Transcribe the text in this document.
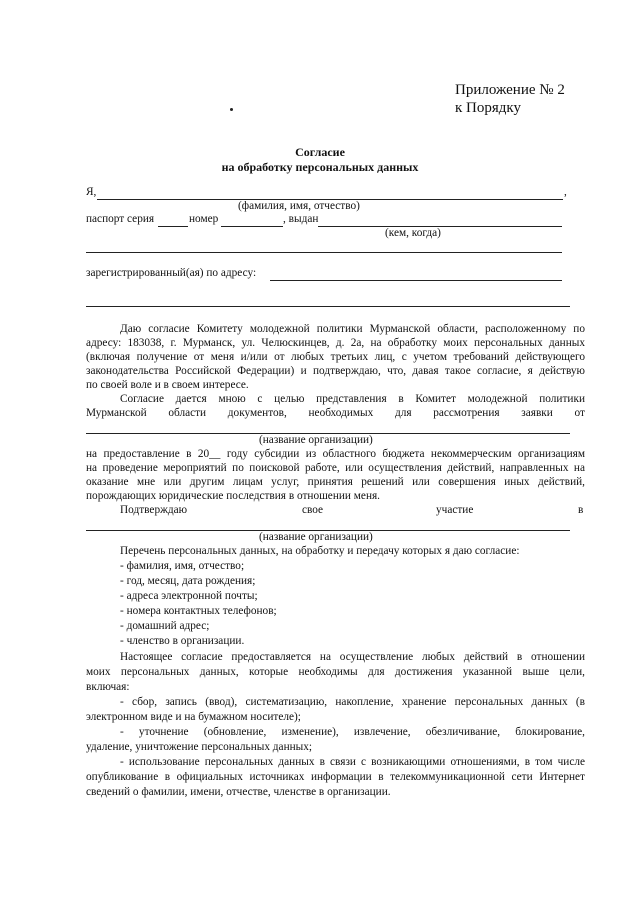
Приложение № 2
к Порядку
Согласие
на обработку персональных данных
Я,	,
(фамилия, имя, отчество)
паспорт серия	номер	, выдан
(кем, когда)
зарегистрированный(ая) по адресу:
Даю согласие Комитету молодежной политики Мурманской области, расположенному по
адресу: 183038, г. Мурманск, ул. Челюскинцев, д. 2а, на обработку моих персональных данных
(включая получение от меня и/или от любых третьих лиц, с учетом требований действующего
законодательства Российской Федерации) и подтверждаю, что, давая такое согласие, я действую
по своей воле и в своем интересе.
Согласие дается мною с целью представления в Комитет молодежной политики
Мурманской области документов, необходимых для рассмотрения заявки от
(название организации)
на предоставление в 20__ году субсидии из областного бюджета некоммерческим организациям
на проведение мероприятий по поисковой работе, или осуществления действий, направленных на
оказание мне или другим лицам услуг, принятия решений или совершения иных действий,
порождающих юридические последствия в отношении меня.
Подтверждаю	свое	участие	в
(название организации)
Перечень персональных данных, на обработку и передачу которых я даю согласие:
- фамилия, имя, отчество;
- год, месяц, дата рождения;
- адреса электронной почты;
- номера контактных телефонов;
- домашний адрес;
- членство в организации.
Настоящее согласие предоставляется на осуществление любых действий в отношении
моих персональных данных, которые необходимы для достижения указанной выше цели,
включая:
- сбор, запись (ввод), систематизацию, накопление, хранение персональных данных (в
электронном виде и на бумажном носителе);
- уточнение (обновление, изменение), извлечение, обезличивание, блокирование,
удаление, уничтожение персональных данных;
- использование персональных данных в связи с возникающими отношениями, в том числе
опубликование в официальных источниках информации в телекоммуникационной сети Интернет
сведений о фамилии, имени, отчестве, членстве в организации.
